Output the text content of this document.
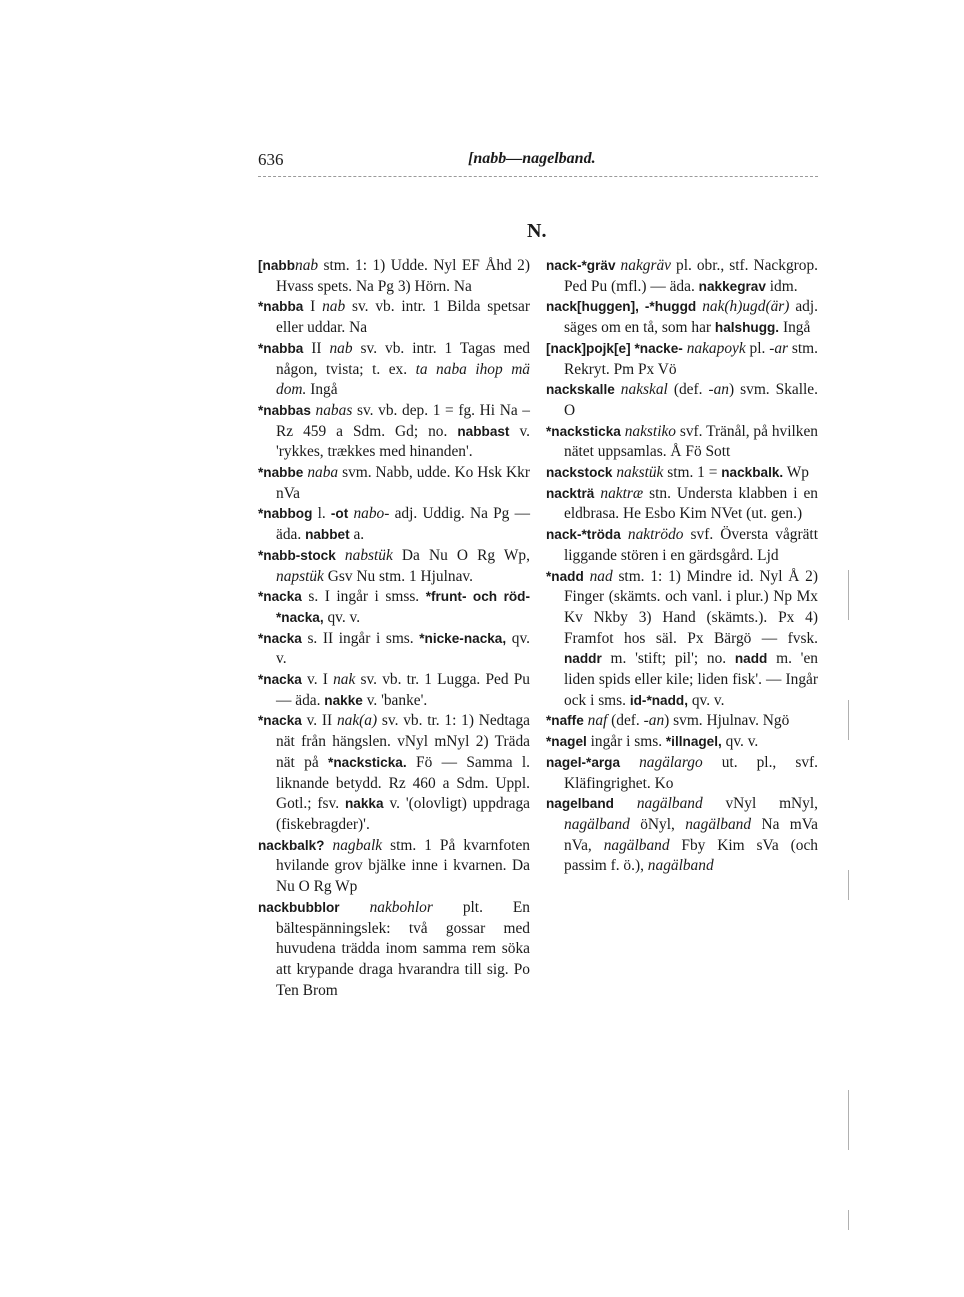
636	[nabb—nagelband.
N.

[nabbnab stm. 1: 1) Udde. Nyl EF Åhd 2) Hvass spets. Na Pg 3) Hörn. Na

*nabba I nab sv. vb. intr. 1 Bilda spetsar eller uddar. Na

*nabba II nab sv. vb. intr. 1 Tagas med någon, tvista; t. ex. ta naba ihop mä dom. Ingå

*nabbas nabas sv. vb. dep. 1 = fg. Hi Na – Rz 459 a Sdm. Gd; no. nabbast v. 'rykkes, trækkes med hinanden'.

*nabbe naba svm. Nabb, udde. Ko Hsk Kkr nVa

*nabbog l. -ot nabo- adj. Uddig. Na Pg — äda. nabbet a.

*nabb-stock nabstük Da Nu O Rg Wp, napstük Gsv Nu stm. 1 Hjulnav.

*nacka s. I ingår i smss. *frunt- och röd-*nacka, qv. v.

*nacka s. II ingår i sms. *nicke-nacka, qv. v.

*nacka v. I nak sv. vb. tr. 1 Lugga. Ped Pu — äda. nakke v. 'banke'.

*nacka v. II nak(a) sv. vb. tr. 1: 1) Nedtaga nät från hängslen. vNyl mNyl 2) Träda nät på *nacksticka. Fö — Samma l. liknande betydd. Rz 460 a Sdm. Uppl. Gotl.; fsv. nakka v. '(olovligt) uppdraga (fiskebragder)'.

nackbalk? nagbalk stm. 1 På kvarnfoten hvilande grov bjälke inne i kvarnen. Da Nu O Rg Wp

nackbubblor nakbohlor plt. En bältespänningslek: två gossar med huvudena trädda inom samma rem söka att krypande draga hvarandra till sig. Po Ten Brom

nack-*gräv nakgräv pl. obr., stf. Nackgrop. Ped Pu (mfl.) — äda. nakkegrav idm.

nack[huggen], -*huggd nak(h)ugd(är) adj. säges om en tå, som har halshugg. Ingå

[nack]pojk[e] *nacke- nakapoyk pl. -ar stm. Rekryt. Pm Px Vö

nackskalle nakskal (def. -an) svm. Skalle. O

*nacksticka nakstiko svf. Tränål, på hvilken nätet uppsamlas. Å Fö Sott

nackstock nakstük stm. 1 = nackbalk. Wp

nackträ naktræ stn. Understa klabben i en eldbrasa. He Esbo Kim NVet (ut. gen.)

nack-*tröda naktrödo svf. Översta vågrätt liggande stören i en gärdsgård. Ljd

*nadd nad stm. 1: 1) Mindre id. Nyl Å 2) Finger (skämts. och vanl. i plur.) Np Mx Kv Nkby 3) Hand (skämts.). Px 4) Framfot hos säl. Px Bärgö — fvsk. naddr m. 'stift; pil'; no. nadd m. 'en liden spids eller kile; liden fisk'. — Ingår ock i sms. id-*nadd, qv. v.

*naffe naf (def. -an) svm. Hjulnav. Ngö

*nagel ingår i sms. *illnagel, qv. v.

nagel-*arga nagälargo ut. pl., svf. Kläfingrighet. Ko

nagelband nagälband vNyl mNyl, nagälband öNyl, nagälband Na mVa nVa, nagälband Fby Kim sVa (och passim f. ö.), nagälband
